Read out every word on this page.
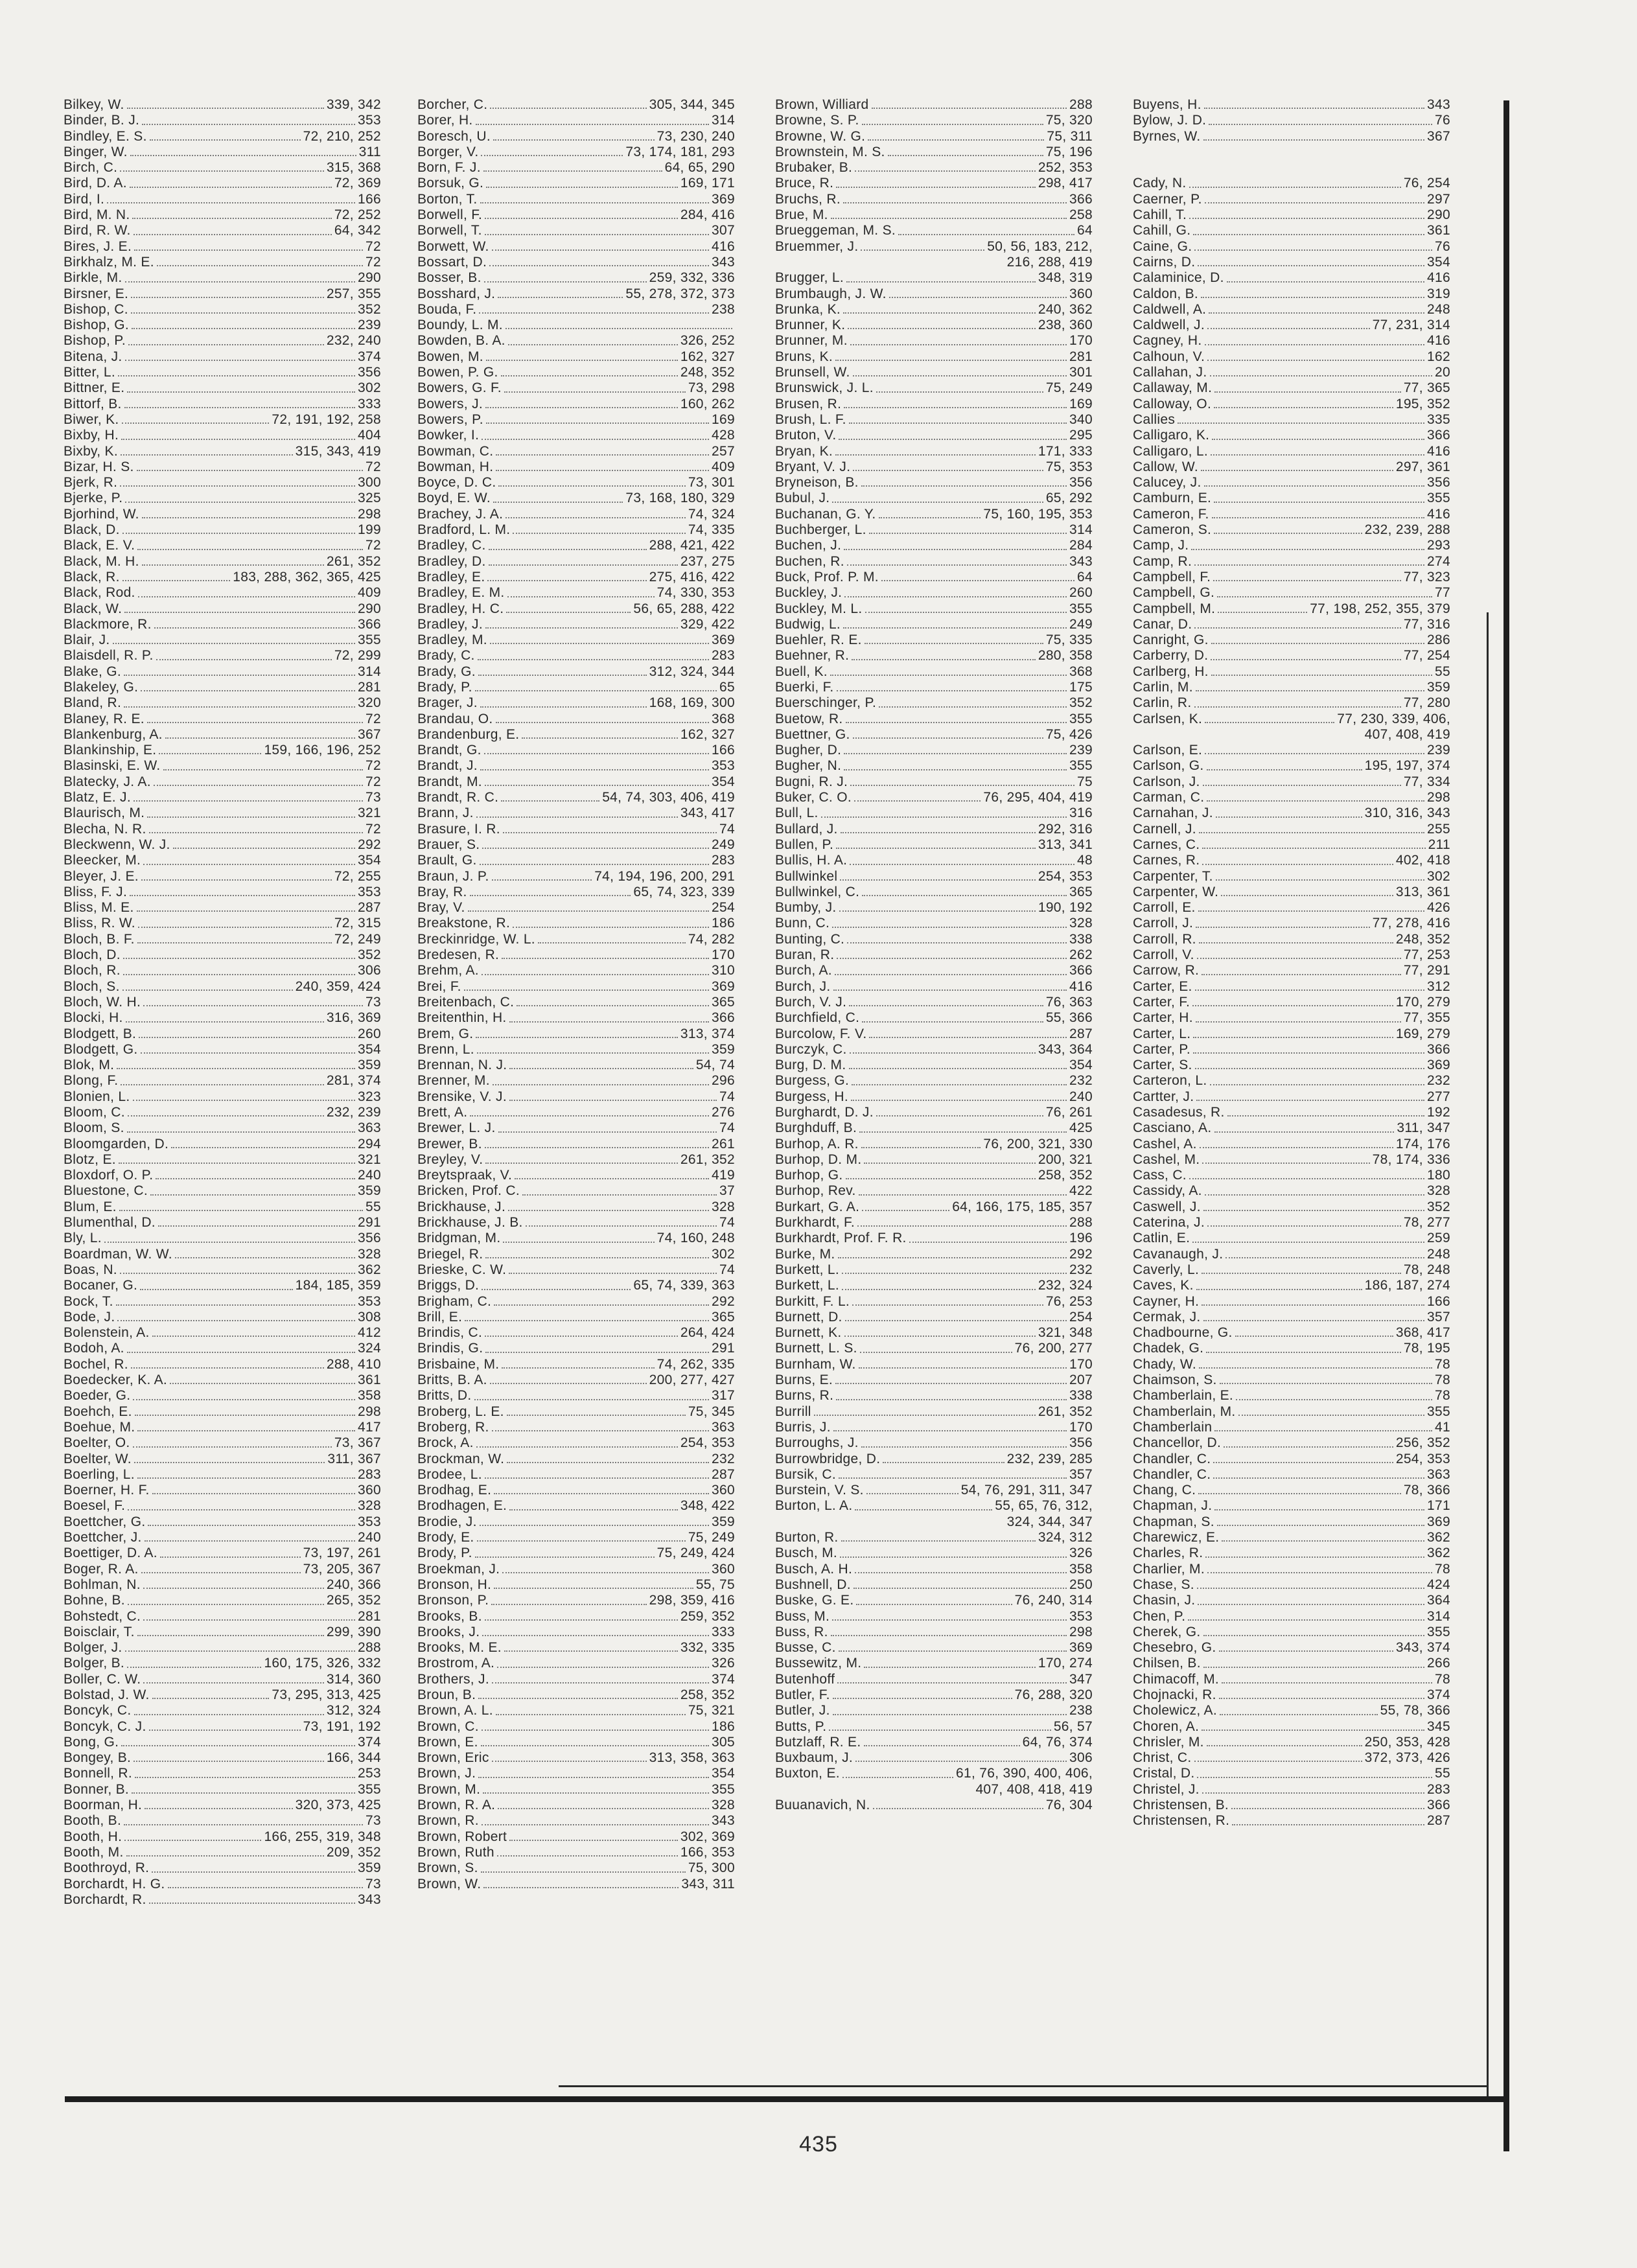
Bilkey, W.	339, 342
Binder, B. J.	353
Bindley, E. S.	72, 210, 252
Binger, W.	311
Birch, C.	315, 368
Bird, D. A.	72, 369
Bird, I.	166
Bird, M. N.	72, 252
Bird, R. W.	64, 342
Bires, J. E.	72
Birkhalz, M. E.	72
Birkle, M.	290
Birsner, E.	257, 355
Bishop, C.	352
Bishop, G.	239
Bishop, P.	232, 240
Bitena, J.	374
Bitter, L.	356
Bittner, E.	302
Bittorf, B.	333
Biwer, K.	72, 191, 192, 258
Bixby, H.	404
Bixby, K.	315, 343, 419
Bizar, H. S.	72
Bjerk, R.	300
Bjerke, P.	325
Bjorhind, W.	298
Black, D.	199
Black, E. V.	72
Black, M. H.	261, 352
Black, R.	183, 288, 362, 365, 425
Black, Rod.	409
Black, W.	290
Blackmore, R.	366
Blair, J.	355
Blaisdell, R. P.	72, 299
Blake, G.	314
Blakeley, G.	281
Bland, R.	320
Blaney, R. E.	72
Blankenburg, A.	367
Blankinship, E.	159, 166, 196, 252
Blasinski, E. W.	72
Blatecky, J. A.	72
Blatz, E. J.	73
Blaurisch, M.	321
Blecha, N. R.	72
Bleckwenn, W. J.	292
Bleecker, M.	354
Bleyer, J. E.	72, 255
Bliss, F. J.	353
Bliss, M. E.	287
Bliss, R. W.	72, 315
Bloch, B. F.	72, 249
Bloch, D.	352
Bloch, R.	306
Bloch, S.	240, 359, 424
Bloch, W. H.	73
Blocki, H.	316, 369
Blodgett, B.	260
Blodgett, G.	354
Blok, M.	359
Blong, F.	281, 374
Blonien, L.	323
Bloom, C.	232, 239
Bloom, S.	363
Bloomgarden, D.	294
Blotz, E.	321
Bloxdorf, O. P.	240
Bluestone, C.	359
Blum, E.	55
Blumenthal, D.	291
Bly, L.	356
Boardman, W. W.	328
Boas, N.	362
Bocaner, G.	184, 185, 359
Bock, T.	353
Bode, J.	308
Bolenstein, A.	412
Bodoh, A.	324
Bochel, R.	288, 410
Boedecker, K. A.	361
Boeder, G.	358
Boehch, E.	298
Boehue, M.	417
Boelter, O.	73, 367
Boelter, W.	311, 367
Boerling, L.	283
Boerner, H. F.	360
Boesel, F.	328
Boettcher, G.	353
Boettcher, J.	240
Boettiger, D. A.	73, 197, 261
Boger, R. A.	73, 205, 367
Bohlman, N.	240, 366
Bohne, B.	265, 352
Bohstedt, C.	281
Boisclair, T.	299, 390
Bolger, J.	288
Bolger, B.	160, 175, 326, 332
Boller, C. W.	314, 360
Bolstad, J. W.	73, 295, 313, 425
Boncyk, C.	312, 324
Boncyk, C. J.	73, 191, 192
Bong, G.	374
Bongey, B.	166, 344
Bonnell, R.	253
Bonner, B.	355
Boorman, H.	320, 373, 425
Booth, B.	73
Booth, H.	166, 255, 319, 348
Booth, M.	209, 352
Boothroyd, R.	359
Borchardt, H. G.	73
Borchardt, R.	343
Borcher, C.	305, 344, 345
Borer, H.	314
Boresch, U.	73, 230, 240
Borger, V.	73, 174, 181, 293
Born, F. J.	64, 65, 290
Borsuk, G.	169, 171
Borton, T.	369
Borwell, F.	284, 416
Borwell, T.	307
Borwett, W.	416
Bossart, D.	343
Bosser, B.	259, 332, 336
Bosshard, J.	55, 278, 372, 373
Bouda, F.	238
Boundy, L. M.
Bowden, B. A.	326, 252
Bowen, M.	162, 327
Bowen, P. G.	248, 352
Bowers, G. F.	73, 298
Bowers, J.	160, 262
Bowers, P.	169
Bowker, I.	428
Bowman, C.	257
Bowman, H.	409
Boyce, D. C.	73, 301
Boyd, E. W.	73, 168, 180, 329
Brachey, J. A.	74, 324
Bradford, L. M.	74, 335
Bradley, C.	288, 421, 422
Bradley, D.	237, 275
Bradley, E.	275, 416, 422
Bradley, E. M.	74, 330, 353
Bradley, H. C.	56, 65, 288, 422
Bradley, J.	329, 422
Bradley, M.	369
Brady, C.	283
Brady, G.	312, 324, 344
Brady, P.	65
Brager, J.	168, 169, 300
Brandau, O.	368
Brandenburg, E.	162, 327
Brandt, G.	166
Brandt, J.	353
Brandt, M.	354
Brandt, R. C.	54, 74, 303, 406, 419
Brann, J.	343, 417
Brasure, I. R.	74
Brauer, S.	249
Brault, G.	283
Braun, J. P.	74, 194, 196, 200, 291
Bray, R.	65, 74, 323, 339
Bray, V.	254
Breakstone, R.	186
Breckinridge, W. L.	74, 282
Bredesen, R.	170
Brehm, A.	310
Brei, F.	369
Breitenbach, C.	365
Breitenthin, H.	366
Brem, G.	313, 374
Brenn, L.	359
Brennan, N. J.	54, 74
Brenner, M.	296
Brensike, V. J.	74
Brett, A.	276
Brewer, L. J.	74
Brewer, B.	261
Breyley, V.	261, 352
Breytspraak, V.	419
Bricken, Prof. C.	37
Brickhause, J.	328
Brickhause, J. B.	74
Bridgman, M.	74, 160, 248
Briegel, R.	302
Brieske, C. W.	74
Briggs, D.	65, 74, 339, 363
Brigham, C.	292
Brill, E.	365
Brindis, C.	264, 424
Brindis, G.	291
Brisbaine, M.	74, 262, 335
Britts, B. A.	200, 277, 427
Britts, D.	317
Broberg, L. E.	75, 345
Broberg, R.	363
Brock, A.	254, 353
Brockman, W.	232
Brodee, L.	287
Brodhag, E.	360
Brodhagen, E.	348, 422
Brodie, J.	359
Brody, E.	75, 249
Brody, P.	75, 249, 424
Broekman, J.	360
Bronson, H.	55, 75
Bronson, P.	298, 359, 416
Brooks, B.	259, 352
Brooks, J.	333
Brooks, M. E.	332, 335
Brostrom, A.	326
Brothers, J.	374
Broun, B.	258, 352
Brown, A. L.	75, 321
Brown, C.	186
Brown, E.	305
Brown, Eric	313, 358, 363
Brown, J.	354
Brown, M.	355
Brown, R. A.	328
Brown, R.	343
Brown, Robert	302, 369
Brown, Ruth	166, 353
Brown, S.	75, 300
Brown, W.	343, 311
Brown, Williard	288
Browne, S. P.	75, 320
Browne, W. G.	75, 311
Brownstein, M. S.	75, 196
Brubaker, B.	252, 353
Bruce, R.	298, 417
Bruchs, R.	366
Brue, M.	258
Brueggeman, M. S.	64
Bruemmer, J.	50, 56, 183, 212,
216, 288, 419
Brugger, L.	348, 319
Brumbaugh, J. W.	360
Brunka, K.	240, 362
Brunner, K.	238, 360
Brunner, M.	170
Bruns, K.	281
Brunsell, W.	301
Brunswick, J. L.	75, 249
Brusen, R.	169
Brush, L. F.	340
Bruton, V.	295
Bryan, K.	171, 333
Bryant, V. J.	75, 353
Bryneison, B.	356
Bubul, J.	65, 292
Buchanan, G. Y.	75, 160, 195, 353
Buchberger, L.	314
Buchen, J.	284
Buchen, R.	343
Buck, Prof. P. M.	64
Buckley, J.	260
Buckley, M. L.	355
Budwig, L.	249
Buehler, R. E.	75, 335
Buehner, R.	280, 358
Buell, K.	368
Buerki, F.	175
Buerschinger, P.	352
Buetow, R.	355
Buettner, G.	75, 426
Bugher, D.	239
Bugher, N.	355
Bugni, R. J.	75
Buker, C. O.	76, 295, 404, 419
Bull, L.	316
Bullard, J.	292, 316
Bullen, P.	313, 341
Bullis, H. A.	48
Bullwinkel	254, 353
Bullwinkel, C.	365
Bumby, J.	190, 192
Bunn, C.	328
Bunting, C.	338
Buran, R.	262
Burch, A.	366
Burch, J.	416
Burch, V. J.	76, 363
Burchfield, C.	55, 366
Burcolow, F. V.	287
Burczyk, C.	343, 364
Burg, D. M.	354
Burgess, G.	232
Burgess, H.	240
Burghardt, D. J.	76, 261
Burghduff, B.	425
Burhop, A. R.	76, 200, 321, 330
Burhop, D. M.	200, 321
Burhop, G.	258, 352
Burhop, Rev.	422
Burkart, G. A.	64, 166, 175, 185, 357
Burkhardt, F.	288
Burkhardt, Prof. F. R.	196
Burke, M.	292
Burkett, L.	232
Burkett, L.	232, 324
Burkitt, F. L.	76, 253
Burnett, D.	254
Burnett, K.	321, 348
Burnett, L. S.	76, 200, 277
Burnham, W.	170
Burns, E.	207
Burns, R.	338
Burrill	261, 352
Burris, J.	170
Burroughs, J.	356
Burrowbridge, D.	232, 239, 285
Bursik, C.	357
Burstein, V. S.	54, 76, 291, 311, 347
Burton, L. A.	55, 65, 76, 312,
324, 344, 347
Burton, R.	324, 312
Busch, M.	326
Busch, A. H.	358
Bushnell, D.	250
Buske, G. E.	76, 240, 314
Buss, M.	353
Buss, R.	298
Busse, C.	369
Bussewitz, M.	170, 274
Butenhoff	347
Butler, F.	76, 288, 320
Butler, J.	238
Butts, P.	56, 57
Butzlaff, R. E.	64, 76, 374
Buxbaum, J.	306
Buxton, E.	61, 76, 390, 400, 406,
407, 408, 418, 419
Buuanavich, N.	76, 304
Buyens, H.	343
Bylow, J. D.	76
Byrnes, W.	367
Cady, N.	76, 254
Caerner, P.	297
Cahill, T.	290
Cahill, G.	361
Caine, G.	76
Cairns, D.	354
Calaminice, D.	416
Caldon, B.	319
Caldwell, A.	248
Caldwell, J.	77, 231, 314
Cagney, H.	416
Calhoun, V.	162
Callahan, J.	20
Callaway, M.	77, 365
Calloway, O.	195, 352
Callies	335
Calligaro, K.	366
Calligaro, L.	416
Callow, W.	297, 361
Calucey, J.	356
Camburn, E.	355
Cameron, F.	416
Cameron, S.	232, 239, 288
Camp, J.	293
Camp, R.	274
Campbell, F.	77, 323
Campbell, G.	77
Campbell, M.	77, 198, 252, 355, 379
Canar, D.	77, 316
Canright, G.	286
Carberry, D.	77, 254
Carlberg, H.	55
Carlin, M.	359
Carlin, R.	77, 280
Carlsen, K.	77, 230, 339, 406,
407, 408, 419
Carlson, E.	239
Carlson, G.	195, 197, 374
Carlson, J.	77, 334
Carman, C.	298
Carnahan, J.	310, 316, 343
Carnell, J.	255
Carnes, C.	211
Carnes, R.	402, 418
Carpenter, T.	302
Carpenter, W.	313, 361
Carroll, E.	426
Carroll, J.	77, 278, 416
Carroll, R.	248, 352
Carroll, V.	77, 253
Carrow, R.	77, 291
Carter, E.	312
Carter, F.	170, 279
Carter, H.	77, 355
Carter, L.	169, 279
Carter, P.	366
Carter, S.	369
Carteron, L.	232
Cartter, J.	277
Casadesus, R.	192
Casciano, A.	311, 347
Cashel, A.	174, 176
Cashel, M.	78, 174, 336
Cass, C.	180
Cassidy, A.	328
Caswell, J.	352
Caterina, J.	78, 277
Catlin, E.	259
Cavanaugh, J.	248
Caverly, L.	78, 248
Caves, K.	186, 187, 274
Cayner, H.	166
Cermak, J.	357
Chadbourne, G.	368, 417
Chadek, G.	78, 195
Chady, W.	78
Chaimson, S.	78
Chamberlain, E.	78
Chamberlain, M.	355
Chamberlain	41
Chancellor, D.	256, 352
Chandler, C.	254, 353
Chandler, C.	363
Chang, C.	78, 366
Chapman, J.	171
Chapman, S.	369
Charewicz, E.	362
Charles, R.	362
Charlier, M.	78
Chase, S.	424
Chasin, J.	364
Chen, P.	314
Cherek, G.	355
Chesebro, G.	343, 374
Chilsen, B.	266
Chimacoff, M.	78
Chojnacki, R.	374
Cholewicz, A.	55, 78, 366
Choren, A.	345
Chrisler, M.	250, 353, 428
Christ, C.	372, 373, 426
Cristal, D.	55
Christel, J.	283
Christensen, B.	366
Christensen, R.	287
435
